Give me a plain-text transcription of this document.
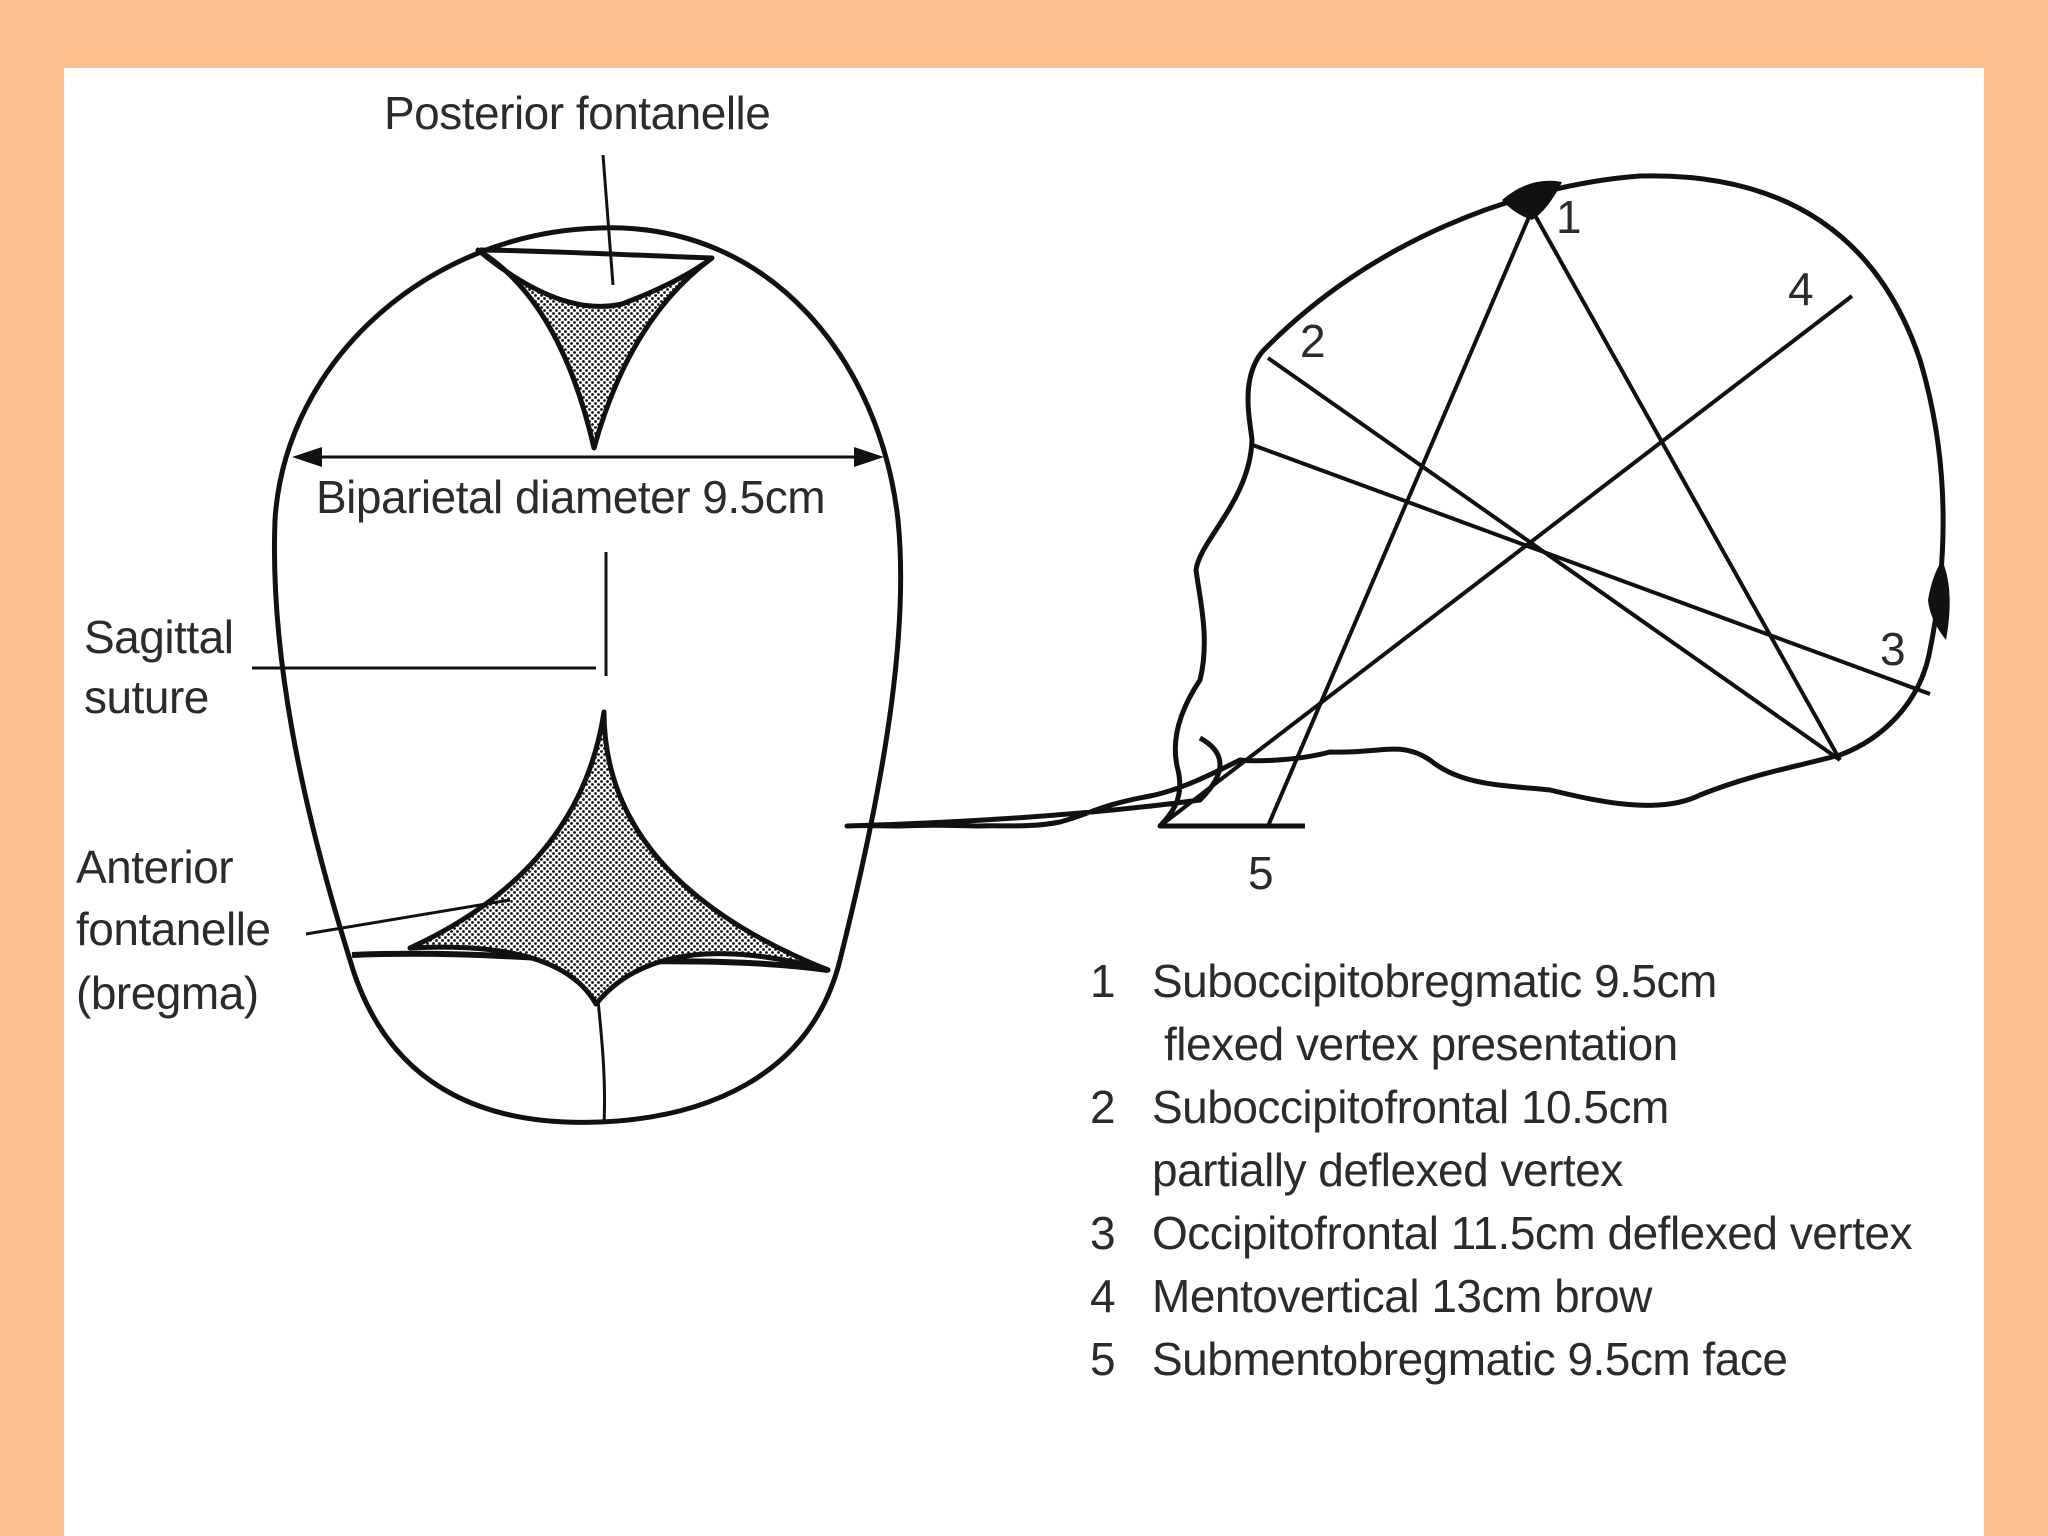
Posterior fontanelle
Biparietal diameter 9.5cm
Sagittal
suture
Anterior
fontanelle
(bregma)
1
2
3
4
5
1 Suboccipitobregmatic 9.5cm
flexed vertex presentation
2 Suboccipitofrontal 10.5cm
partially deflexed vertex
3 Occipitofrontal 11.5cm deflexed vertex
4 Mentovertical 13cm brow
5 Submentobregmatic 9.5cm face
